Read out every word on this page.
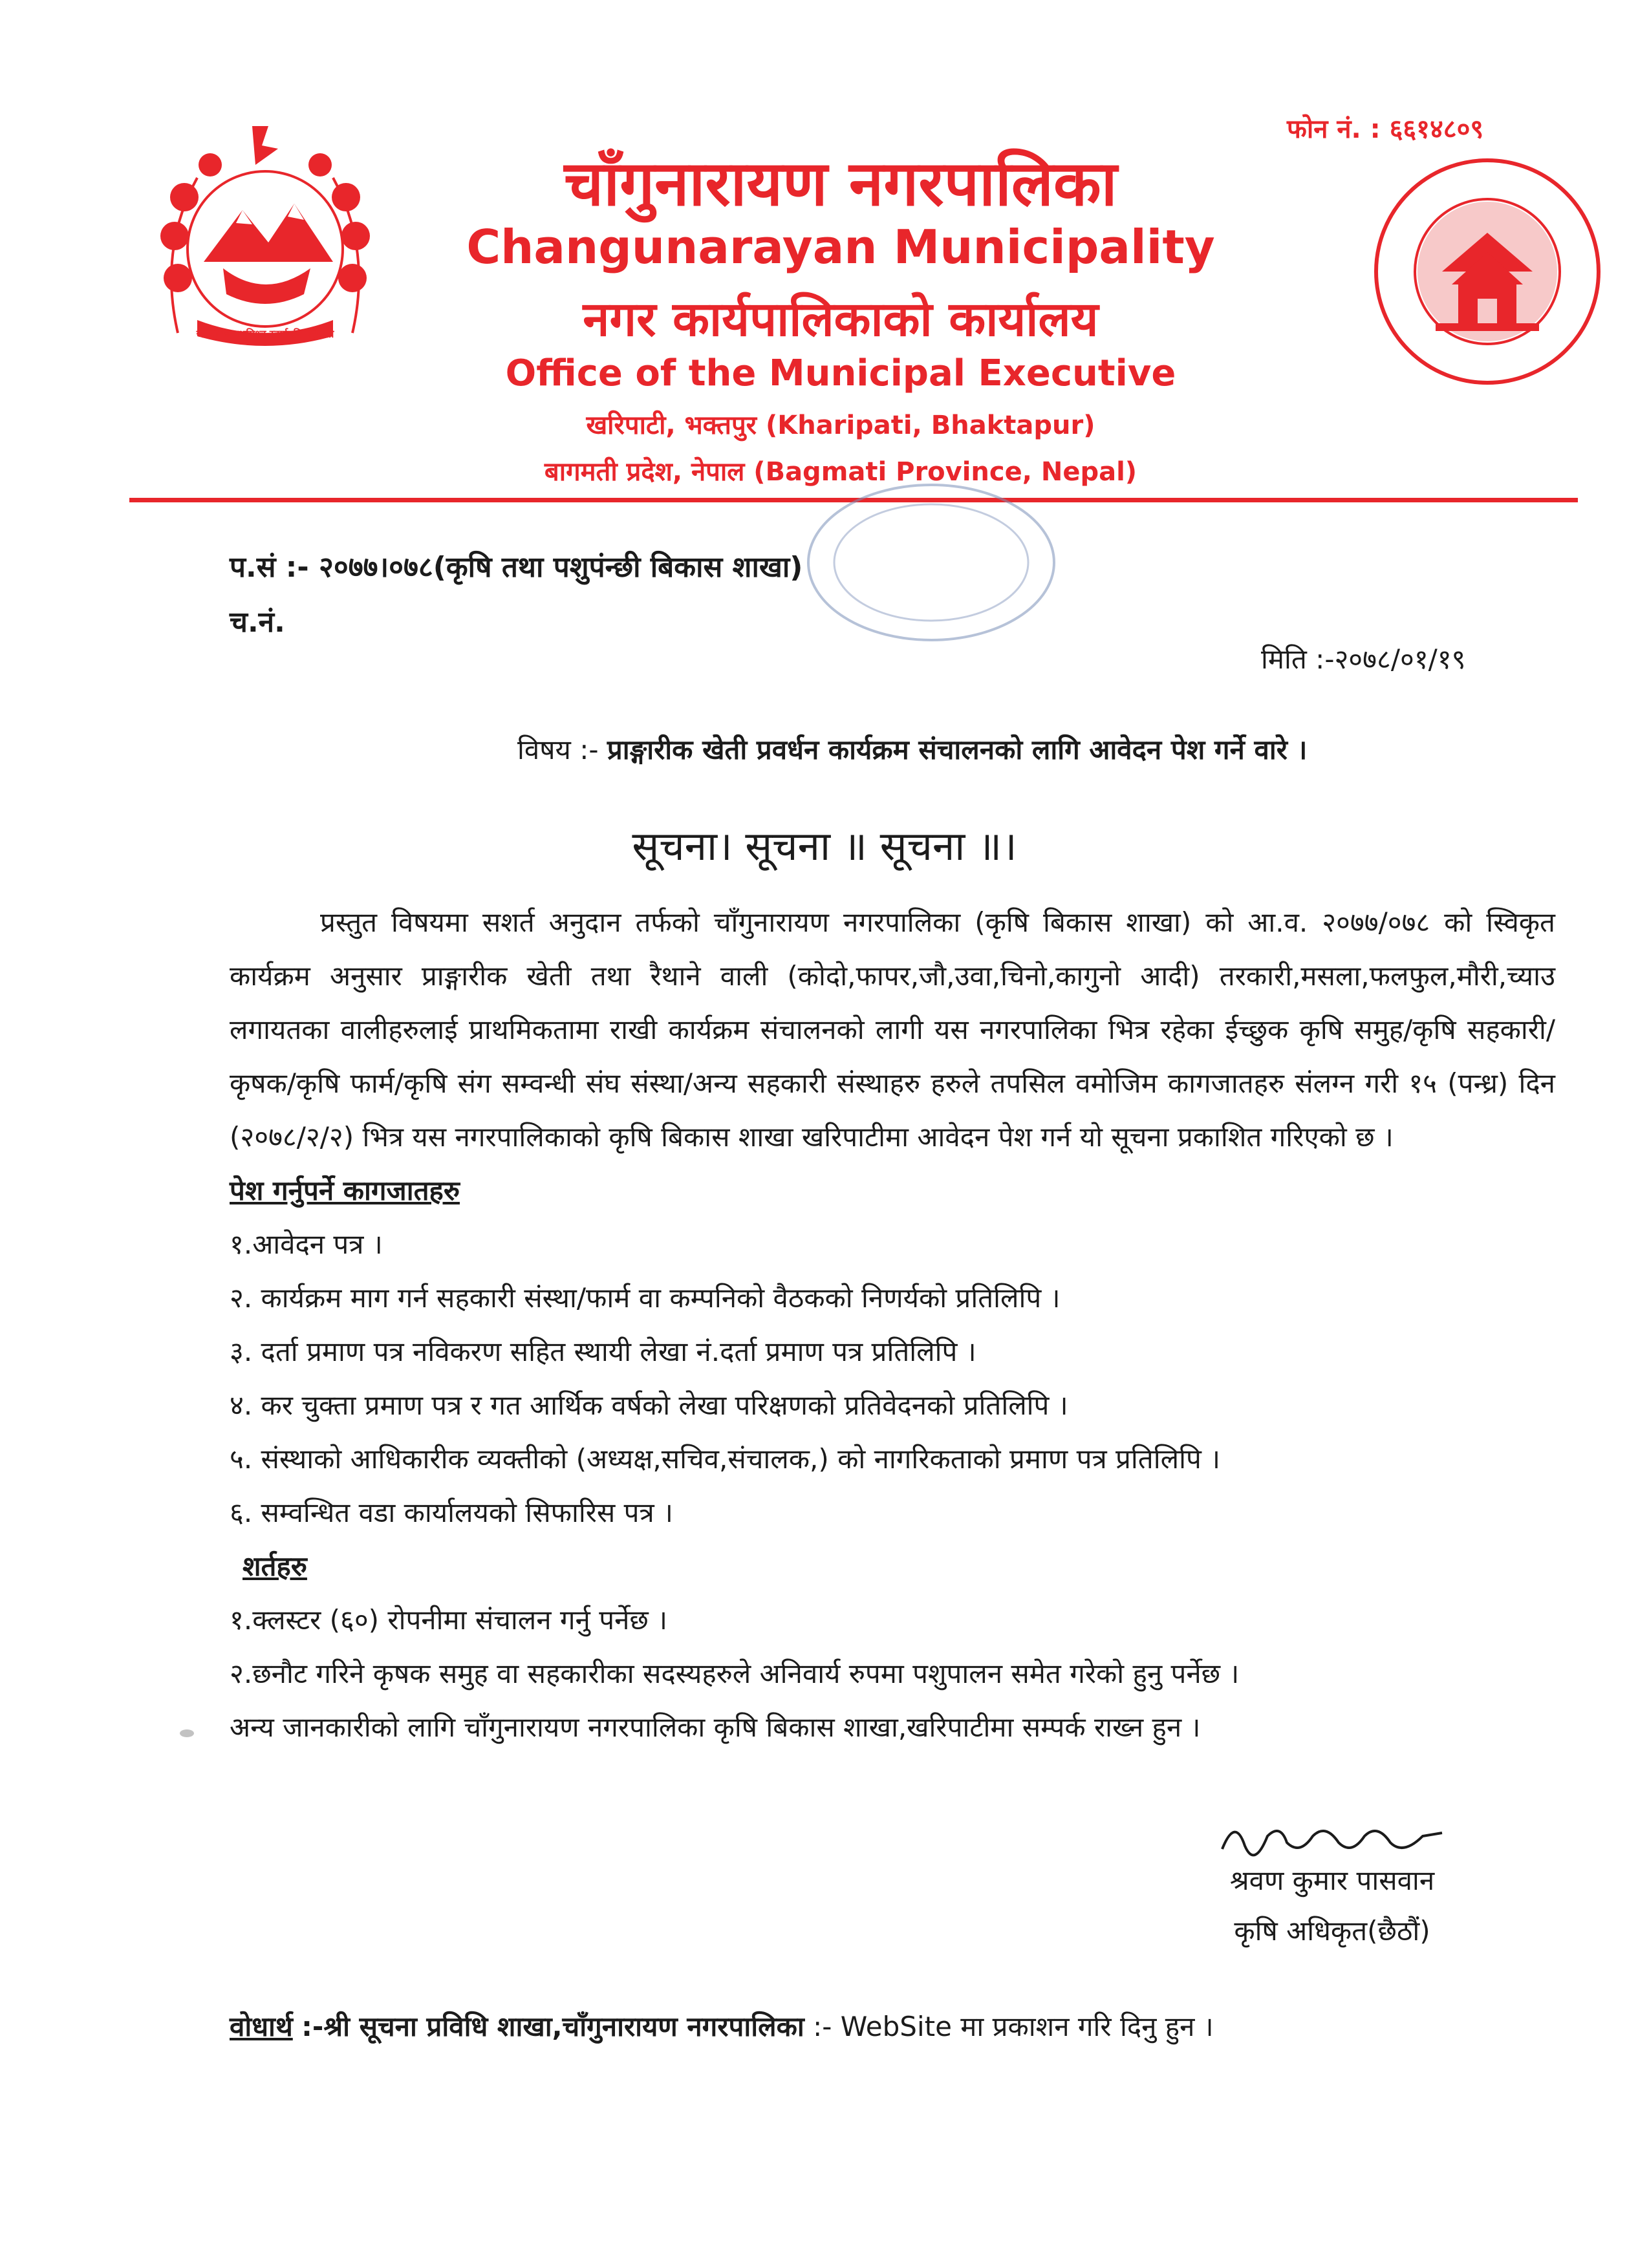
फोन नं. : ६६१४८०९
जननी जन्मभूमिश्च स्वर्गादपि गरीयसी
चाँगुनारायण नगरपालिका
Changunarayan Municipality
नगर कार्यपालिकाको कार्यालय
Office of the Municipal Executive
खरिपाटी, भक्तपुर (Kharipati, Bhaktapur)
बागमती प्रदेश, नेपाल (Bagmati Province, Nepal)
प.सं :- २०७७।०७८(कृषि तथा पशुपंन्छी बिकास शाखा)
च.नं.
मिति :-२०७८/०१/१९
विषय :- प्राङ्गारीक खेती प्रवर्धन कार्यक्रम संचालनको लागि आवेदन पेश गर्ने वारे ।
सूचना। सूचना ॥ सूचना ॥।
प्रस्तुत विषयमा सशर्त अनुदान तर्फको चाँगुनारायण नगरपालिका (कृषि बिकास शाखा) को आ.व. २०७७/०७८ को स्विकृत कार्यक्रम अनुसार प्राङ्गारीक खेती तथा रैथाने वाली (कोदो,फापर,जौ,उवा,चिनो,कागुनो आदी) तरकारी,मसला,फलफुल,मौरी,च्याउ लगायतका वालीहरुलाई प्राथमिकतामा राखी कार्यक्रम संचालनको लागी यस नगरपालिका भित्र रहेका ईच्छुक कृषि समुह/कृषि सहकारी/कृषक/कृषि फार्म/कृषि संग सम्वन्धी संघ संस्था/अन्य सहकारी संस्थाहरु हरुले तपसिल वमोजिम कागजातहरु संलग्न गरी १५ (पन्ध्र) दिन (२०७८/२/२) भित्र यस नगरपालिकाको कृषि बिकास शाखा खरिपाटीमा आवेदन पेश गर्न यो सूचना प्रकाशित गरिएको छ ।
पेश गर्नुपर्ने कागजातहरु
१.आवेदन पत्र ।
२. कार्यक्रम माग गर्न सहकारी संस्था/फार्म वा कम्पनिको वैठकको निणर्यको प्रतिलिपि ।
३. दर्ता प्रमाण पत्र नविकरण सहित स्थायी लेखा नं.दर्ता प्रमाण पत्र प्रतिलिपि ।
४. कर चुक्ता प्रमाण पत्र र गत आर्थिक वर्षको लेखा परिक्षणको प्रतिवेदनको प्रतिलिपि ।
५. संस्थाको आधिकारीक व्यक्तीको (अध्यक्ष,सचिव,संचालक,) को नागरिकताको प्रमाण पत्र प्रतिलिपि ।
६. सम्वन्धित वडा कार्यालयको सिफारिस पत्र ।
शर्तहरु
१.क्लस्टर (६०) रोपनीमा संचालन गर्नु पर्नेछ ।
२.छनौट गरिने कृषक समुह वा सहकारीका सदस्यहरुले अनिवार्य रुपमा पशुपालन समेत गरेको हुनु पर्नेछ ।
अन्य जानकारीको लागि चाँगुनारायण नगरपालिका कृषि बिकास शाखा,खरिपाटीमा सम्पर्क राख्न हुन ।
श्रवण कुमार पासवान
कृषि अधिकृत(छैठौं)
वोधार्थ :-श्री सूचना प्रविधि शाखा,चाँगुनारायण नगरपालिका :- WebSite मा प्रकाशन गरि दिनु हुन ।
